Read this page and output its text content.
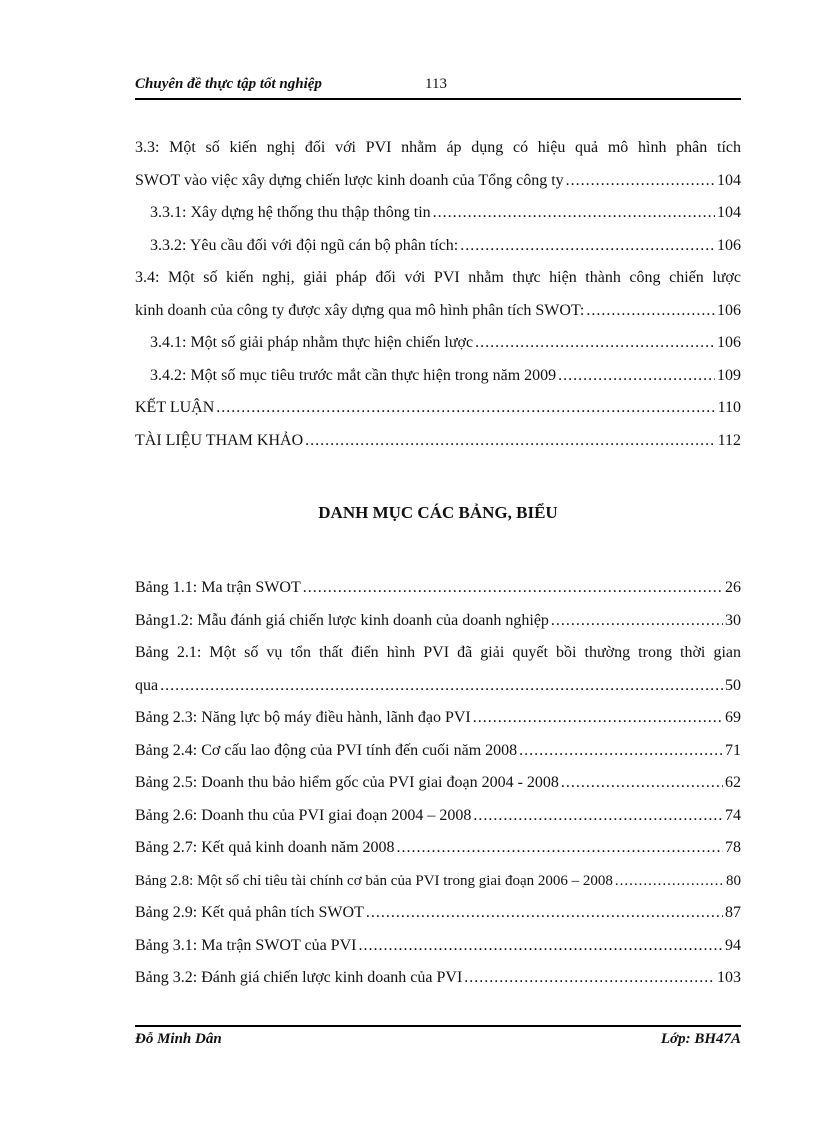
Chuyên đề thực tập tốt nghiệp	113
3.3: Một số kiến nghị đối với PVI nhằm áp dụng có hiệu quả mô hình phân tích
SWOT vào việc xây dựng chiến lược kinh doanh của Tổng công ty .....	104
3.3.1: Xây dựng hệ thống thu thập thông tin .....	104
3.3.2: Yêu cầu đối với đội ngũ cán bộ phân tích: .....	106
3.4: Một số kiến nghị, giải pháp đối với PVI nhằm thực hiện thành công chiến lược
kinh doanh của công ty được xây dựng qua mô hình phân tích SWOT: .....	106
3.4.1: Một số giải pháp nhằm thực hiện chiến lược .....	106
3.4.2: Một số mục tiêu trước mắt cần thực hiện trong năm 2009 .....	109
KẾT LUẬN .....	110
TÀI LIỆU THAM KHẢO .....	112
DANH MỤC CÁC BẢNG, BIỂU
Bảng 1.1: Ma trận SWOT .....	26
Bảng1.2: Mẫu đánh giá chiến lược kinh doanh của doanh nghiệp .....	30
Bảng 2.1: Một số vụ tổn thất điển hình PVI đã giải quyết bồi thường trong thời gian
qua .....	50
Bảng 2.3: Năng lực bộ máy điều hành, lãnh đạo PVI .....	69
Bảng 2.4: Cơ cấu lao động của PVI tính đến cuối năm 2008 .....	71
Bảng 2.5: Doanh thu bảo hiểm gốc của PVI giai đoạn 2004 - 2008 .....	62
Bảng 2.6: Doanh thu của PVI giai đoạn 2004 – 2008 .....	74
Bảng 2.7: Kết quả kinh doanh năm 2008 .....	78
Bảng 2.8: Một số chỉ tiêu tài chính cơ bản của PVI trong giai đoạn 2006 – 2008 .....	80
Bảng 2.9: Kết quả phân tích SWOT .....	87
Bảng 3.1: Ma trận SWOT của PVI .....	94
Bảng 3.2: Đánh giá chiến lược kinh doanh của PVI .....	103
Đỗ Minh Dân	Lớp: BH47A
